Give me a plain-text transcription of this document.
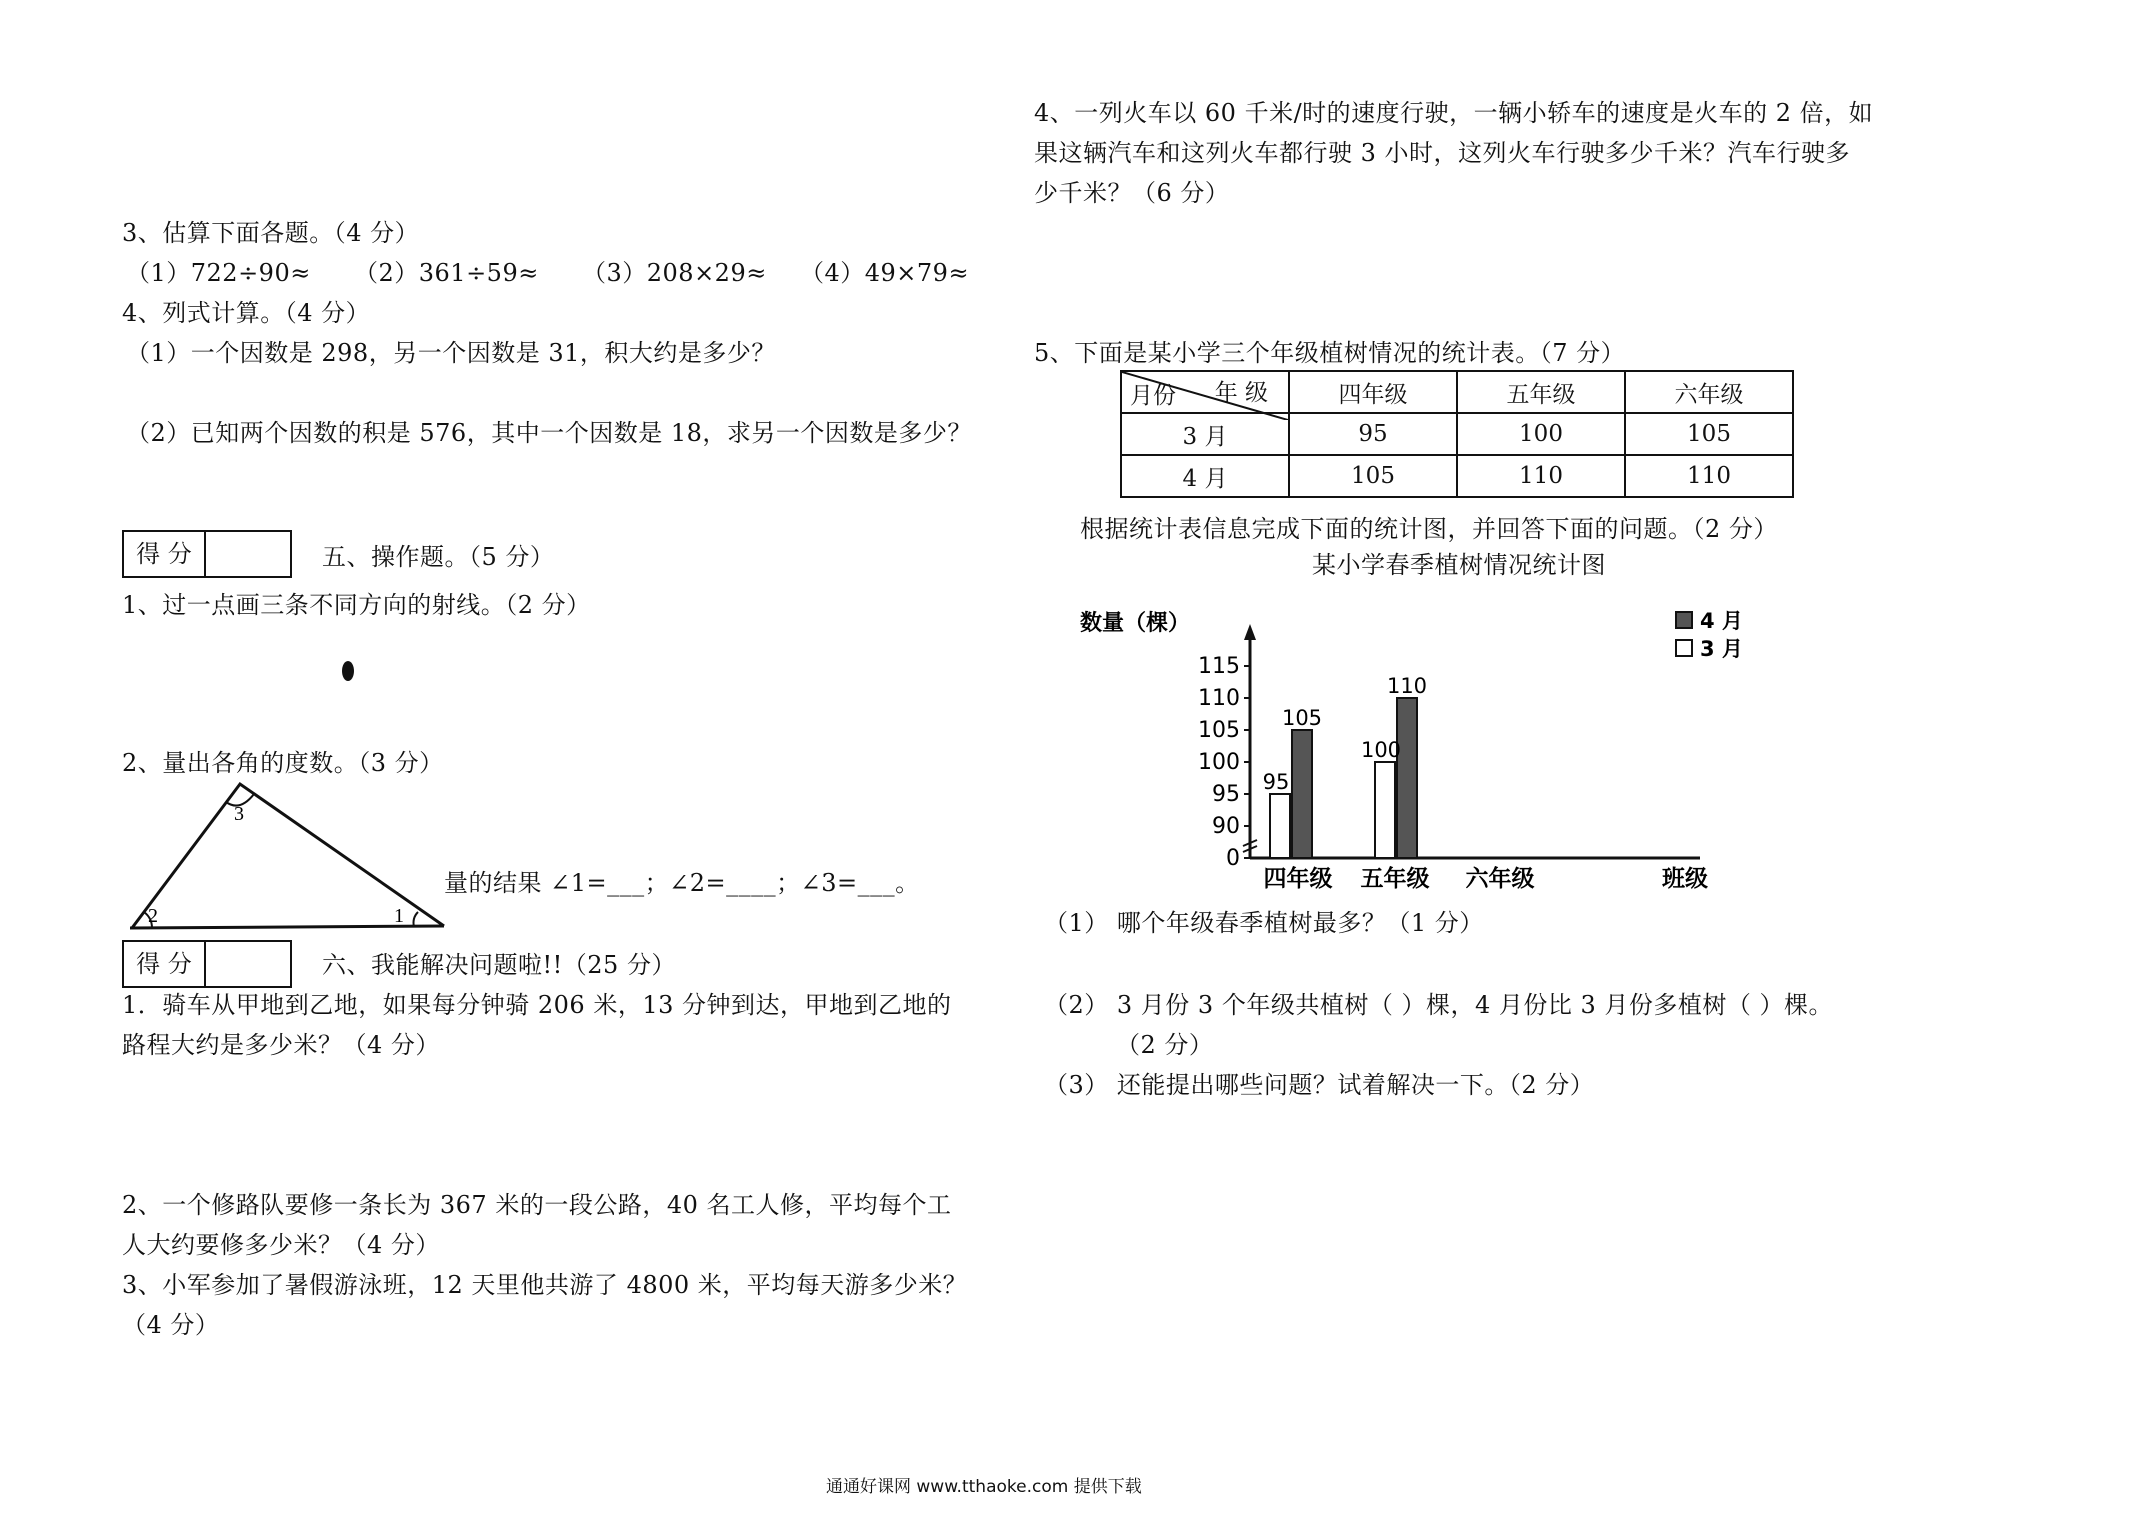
3、估算下面各题。（4 分）
（1）722÷90≈ （2）361÷59≈ （3）208×29≈ （4）49×79≈
4、列式计算。（4 分）
（1）一个因数是 298，另一个因数是 31，积大约是多少？
（2）已知两个因数的积是 576，其中一个因数是 18，求另一个因数是多少？
得 分	五、操作题。（5 分）
1、过一点画三条不同方向的射线。（2 分）
2、量出各角的度数。（3 分）
3
2	1
量的结果 ∠1=___；∠2=____；∠3=___。
得 分	六、我能解决问题啦!!（25 分）
1．骑车从甲地到乙地，如果每分钟骑 206 米，13 分钟到达，甲地到乙地的
路程大约是多少米？（4 分）
2、一个修路队要修一条长为 367 米的一段公路，40 名工人修，平均每个工
人大约要修多少米？（4 分）
3、小军参加了暑假游泳班，12 天里他共游了 4800 米，平均每天游多少米？
（4 分）
4、一列火车以 60 千米/时的速度行驶，一辆小轿车的速度是火车的 2 倍，如
果这辆汽车和这列火车都行驶 3 小时，这列火车行驶多少千米？汽车行驶多
少千米？（6 分）
5、下面是某小学三个年级植树情况的统计表。（7 分）
年 级
月份	四年级	五年级	六年级
3 月	95	100	105
4 月	105	110	110
根据统计表信息完成下面的统计图，并回答下面的问题。（2 分）
某小学春季植树情况统计图
数量（棵）
0
90
95
100
105
110
115
四年级 五年级 六年级
95
105
100
110
班级
4 月
3 月
（1） 哪个年级春季植树最多？（1 分）
（2） 3 月份 3 个年级共植树（ ）棵，4 月份比 3 月份多植树（ ）棵。
（2 分）
（3） 还能提出哪些问题？试着解决一下。（2 分）
通通好课网 www.tthaoke.com 提供下载
